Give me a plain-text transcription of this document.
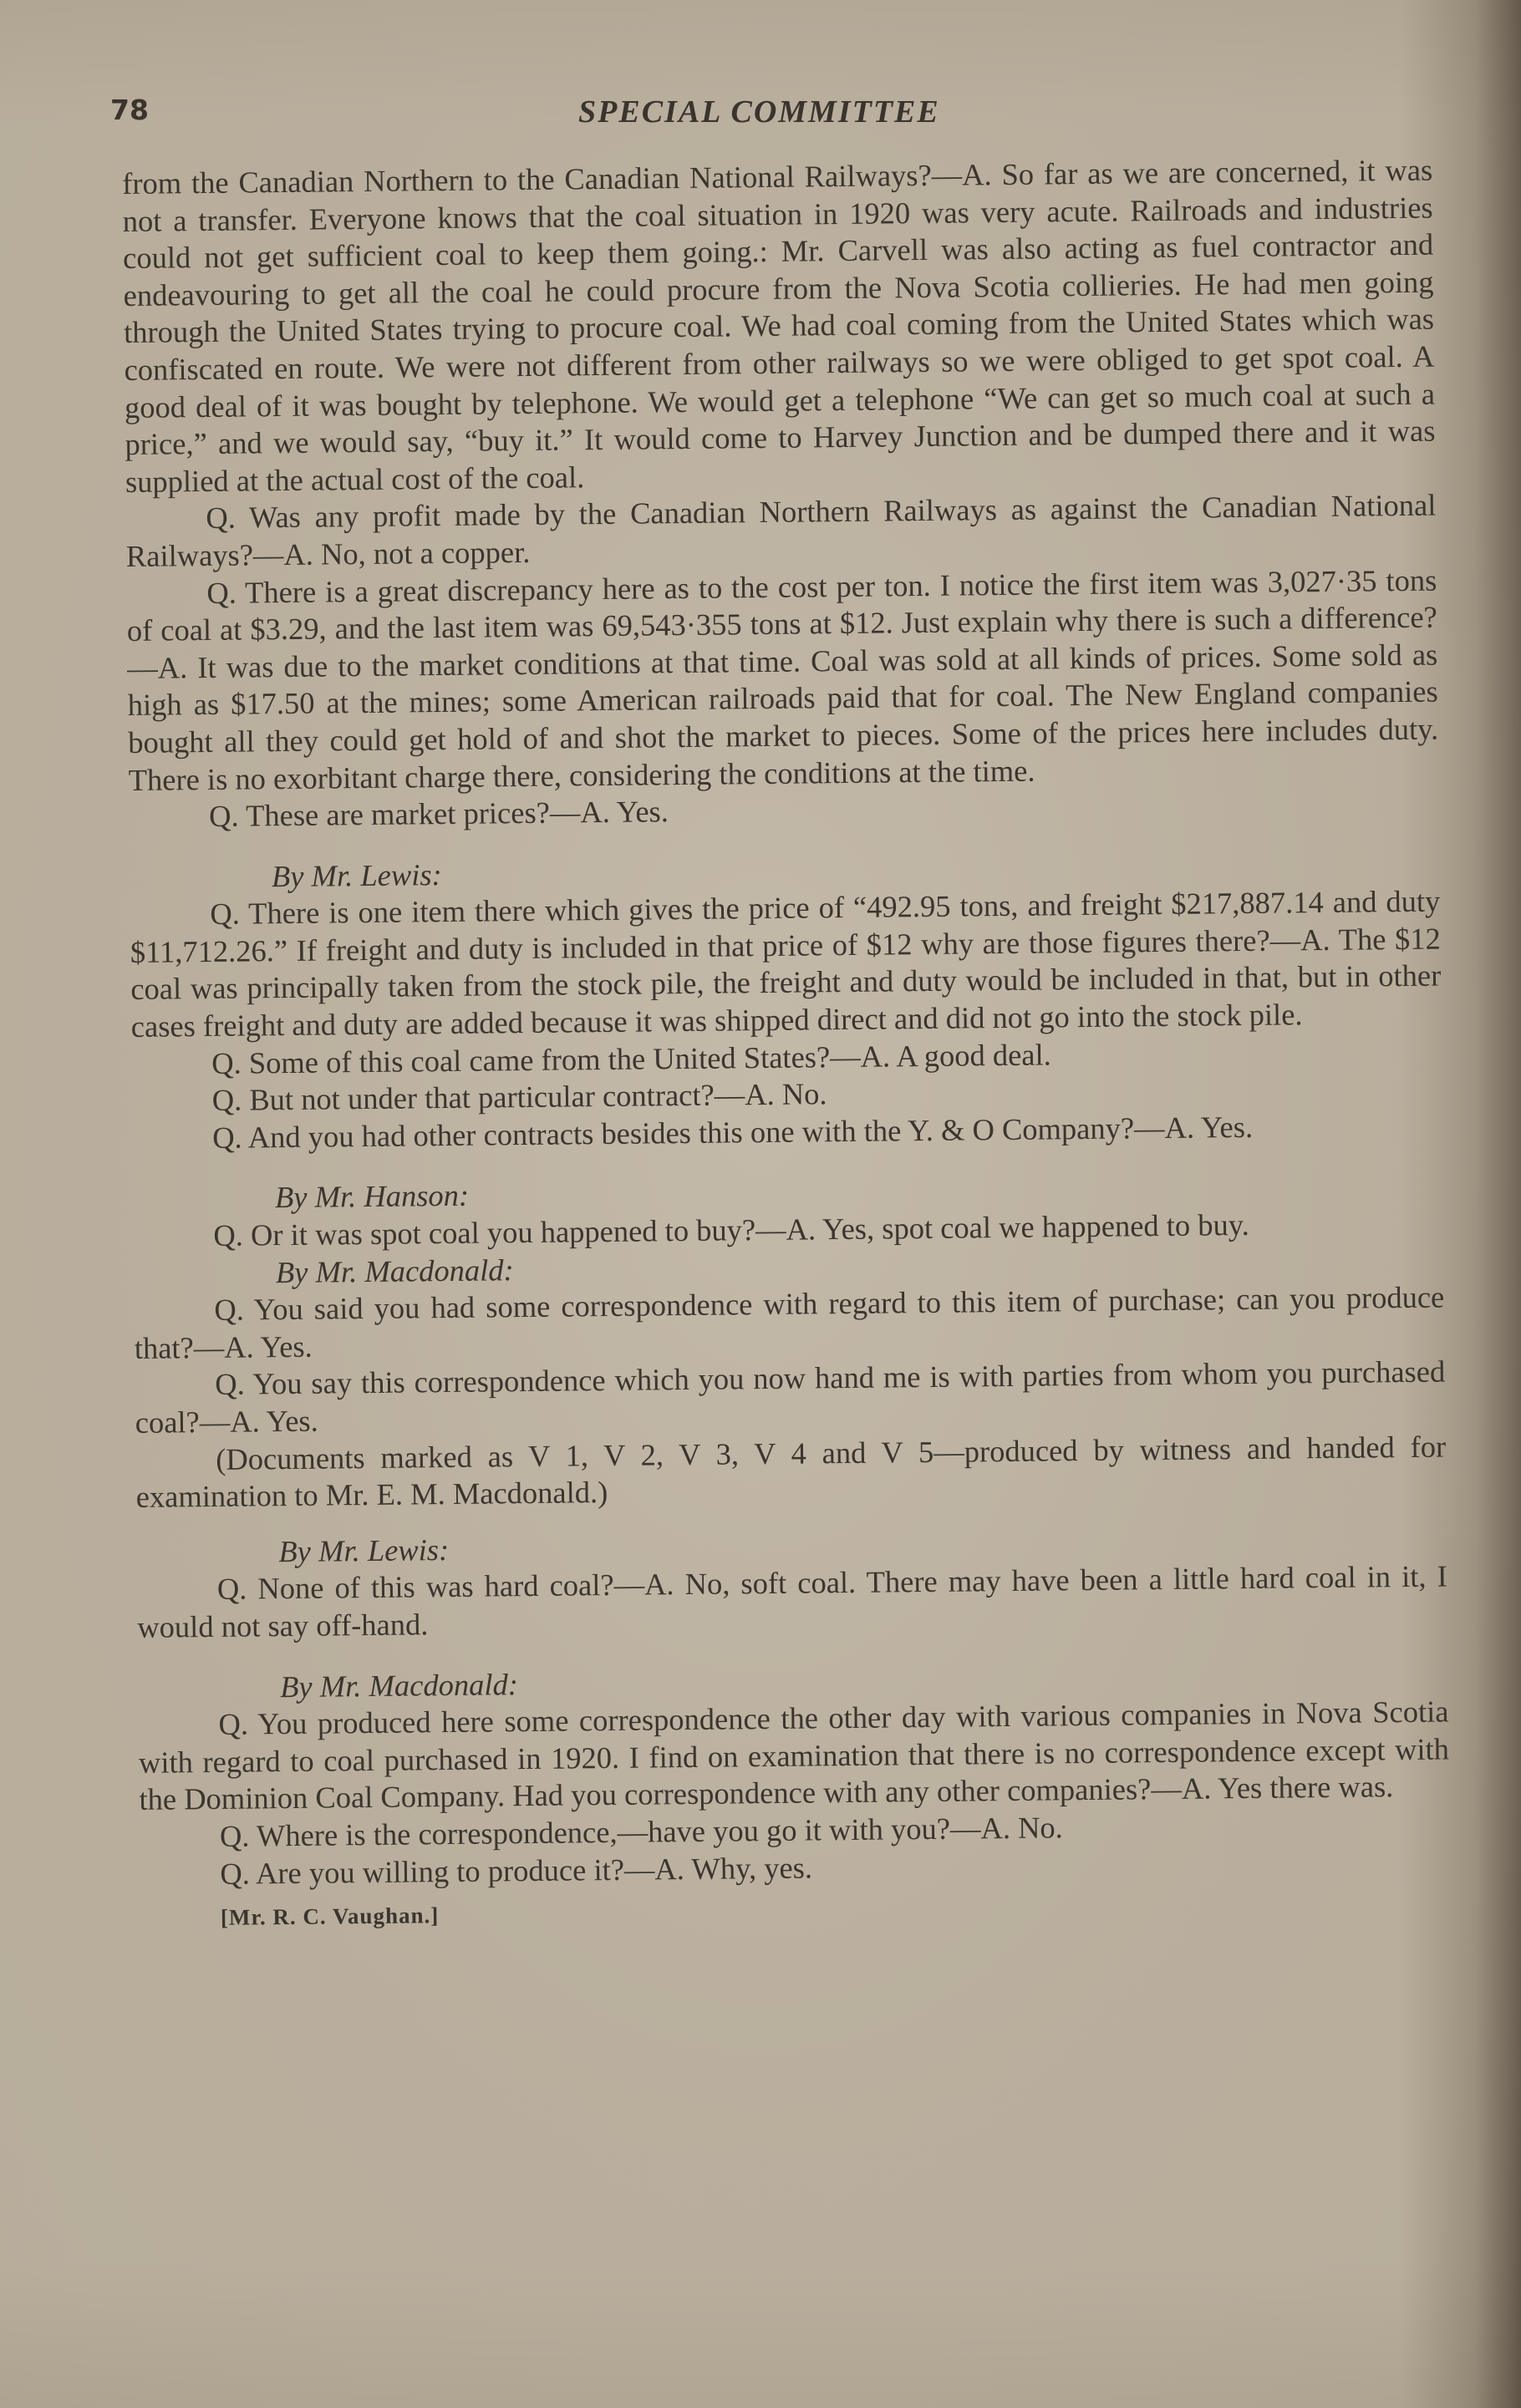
78	SPECIAL COMMITTEE

from the Canadian Northern to the Canadian National Railways?—A. So far as we are concerned, it was not a transfer. Everyone knows that the coal situation in 1920 was very acute. Railroads and industries could not get sufficient coal to keep them going.: Mr. Carvell was also acting as fuel contractor and endeavouring to get all the coal he could procure from the Nova Scotia collieries. He had men going through the United States trying to procure coal. We had coal coming from the United States which was confiscated en route. We were not different from other railways so we were obliged to get spot coal. A good deal of it was bought by telephone. We would get a telephone “We can get so much coal at such a price,” and we would say, “buy it.” It would come to Harvey Junction and be dumped there and it was supplied at the actual cost of the coal.

Q. Was any profit made by the Canadian Northern Railways as against the Canadian National Railways?—A. No, not a copper.

Q. There is a great discrepancy here as to the cost per ton. I notice the first item was 3,027·35 tons of coal at $3.29, and the last item was 69,543·355 tons at $12. Just explain why there is such a difference?—A. It was due to the market conditions at that time. Coal was sold at all kinds of prices. Some sold as high as $17.50 at the mines; some American railroads paid that for coal. The New England companies bought all they could get hold of and shot the market to pieces. Some of the prices here includes duty. There is no exorbitant charge there, considering the conditions at the time.

Q. These are market prices?—A. Yes.

By Mr. Lewis:

Q. There is one item there which gives the price of “492.95 tons, and freight $217,887.14 and duty $11,712.26.” If freight and duty is included in that price of $12 why are those figures there?—A. The $12 coal was principally taken from the stock pile, the freight and duty would be included in that, but in other cases freight and duty are added because it was shipped direct and did not go into the stock pile.

Q. Some of this coal came from the United States?—A. A good deal.

Q. But not under that particular contract?—A. No.

Q. And you had other contracts besides this one with the Y. & O Company?—A. Yes.

By Mr. Hanson:

Q. Or it was spot coal you happened to buy?—A. Yes, spot coal we happened to buy.

By Mr. Macdonald:

Q. You said you had some correspondence with regard to this item of purchase; can you produce that?—A. Yes.

Q. You say this correspondence which you now hand me is with parties from whom you purchased coal?—A. Yes.

(Documents marked as V 1, V 2, V 3, V 4 and V 5—produced by witness and handed for examination to Mr. E. M. Macdonald.)

By Mr. Lewis:

Q. None of this was hard coal?—A. No, soft coal. There may have been a little hard coal in it, I would not say off-hand.

By Mr. Macdonald:

Q. You produced here some correspondence the other day with various companies in Nova Scotia with regard to coal purchased in 1920. I find on examination that there is no correspondence except with the Dominion Coal Company. Had you correspondence with any other companies?—A. Yes there was.

Q. Where is the correspondence,—have you go it with you?—A. No.

Q. Are you willing to produce it?—A. Why, yes.

[Mr. R. C. Vaughan.]
